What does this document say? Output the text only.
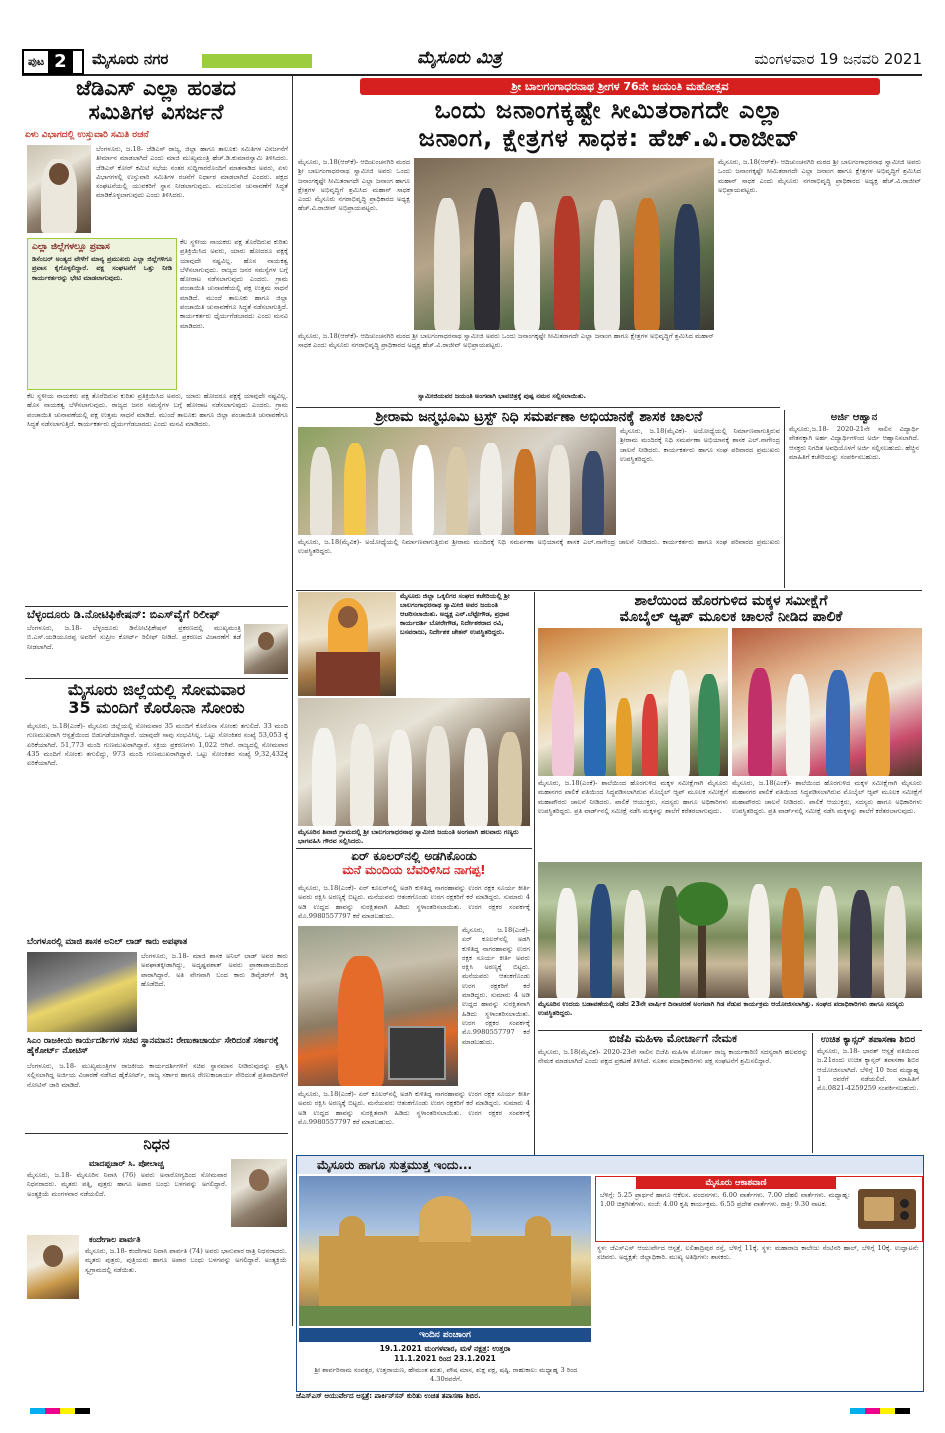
ಪುಟ 2	ಮೈಸೂರು ನಗರ	ಮೈಸೂರು ಮಿತ್ರ	ಮಂಗಳವಾರ 19 ಜನವರಿ 2021
ಜೆಡಿಎಸ್ ಎಲ್ಲಾ ಹಂತದ
ಸಮಿತಿಗಳ ವಿಸರ್ಜನೆ
ಏಳು ವಿಭಾಗದಲ್ಲಿ ಉಸ್ತುವಾರಿ ಸಮಿತಿ ರಚನೆ
ಬೆಂಗಳೂರು, ಜ.18- ಜೆಡಿಎಸ್ ರಾಜ್ಯ, ಜಿಲ್ಲಾ ಹಾಗೂ ತಾಲೂಕು ಸಮಿತಿಗಳ ವಿಸರ್ಜನೆಗೆ ತೀರ್ಮಾನ ಮಾಡಲಾಗಿದೆ ಎಂದು ಮಾಜಿ ಮುಖ್ಯಮಂತ್ರಿ ಹೆಚ್.ಡಿ.ಕುಮಾರಸ್ವಾಮಿ ತಿಳಿಸಿದರು. ಜೆಡಿಎಸ್ ಕೋರ್ ಕಮಿಟಿ ಸಭೆಯ ನಂತರ ಸುದ್ದಿಗಾರರೊಂದಿಗೆ ಮಾತನಾಡಿದ ಅವರು, ಏಳು ವಿಭಾಗಗಳಲ್ಲಿ ಉಸ್ತುವಾರಿ ಸಮಿತಿಗಳ ರಚನೆಗೆ ನಿರ್ಧಾರ ಮಾಡಲಾಗಿದೆ ಎಂದರು. ಪಕ್ಷದ ಸಂಘಟನೆಯಲ್ಲಿ ಯುವಕರಿಗೆ ಸ್ಥಾನ ನೀಡಲಾಗುವುದು. ಮುಂಬರುವ ಚುನಾವಣೆಗೆ ಸಿದ್ಧತೆ ಮಾಡಿಕೊಳ್ಳಲಾಗುವುದು ಎಂದು ತಿಳಿಸಿದರು.
ಎಲ್ಲಾ ಜಿಲ್ಲೆಗಳಲ್ಲೂ ಪ್ರವಾಸ
ಡಿಸೆಂಬರ್ ಅಂತ್ಯದ ವೇಳೆಗೆ ಮಾನ್ಯ ಪ್ರಮುಖರು ಎಲ್ಲಾ ಜಿಲ್ಲೆಗಳಿಗೂ ಪ್ರವಾಸ ಕೈಗೊಳ್ಳಲಿದ್ದಾರೆ. ಪಕ್ಷ ಸಂಘಟನೆಗೆ ಒತ್ತು ನೀಡಿ ಕಾರ್ಯಕರ್ತರನ್ನು ಭೇಟಿ ಮಾಡಲಾಗುವುದು.
ಕೆಲ ಸ್ಥಳೀಯ ನಾಯಕರು ಪಕ್ಷ ತೊರೆದಿರುವ ಕುರಿತು ಪ್ರತಿಕ್ರಿಯಿಸಿದ ಅವರು, ಯಾರು ಹೋದರೂ ಪಕ್ಷಕ್ಕೆ ಯಾವುದೇ ನಷ್ಟವಿಲ್ಲ. ಹೊಸ ನಾಯಕತ್ವ ಬೆಳೆಸಲಾಗುವುದು. ರಾಜ್ಯದ ಜನರ ಸಮಸ್ಯೆಗಳ ಬಗ್ಗೆ ಹೋರಾಟ ನಡೆಸಲಾಗುವುದು ಎಂದರು. ಗ್ರಾಮ ಪಂಚಾಯಿತಿ ಚುನಾವಣೆಯಲ್ಲಿ ಪಕ್ಷ ಉತ್ತಮ ಸಾಧನೆ ಮಾಡಿದೆ. ಮುಂದೆ ತಾಲೂಕು ಹಾಗೂ ಜಿಲ್ಲಾ ಪಂಚಾಯಿತಿ ಚುನಾವಣೆಗೂ ಸಿದ್ಧತೆ ನಡೆಸಲಾಗುತ್ತಿದೆ. ಕಾರ್ಯಕರ್ತರು ಧೈರ್ಯಗೆಡಬಾರದು ಎಂದು ಮನವಿ ಮಾಡಿದರು.
ಕೆಲ ಸ್ಥಳೀಯ ನಾಯಕರು ಪಕ್ಷ ತೊರೆದಿರುವ ಕುರಿತು ಪ್ರತಿಕ್ರಿಯಿಸಿದ ಅವರು, ಯಾರು ಹೋದರೂ ಪಕ್ಷಕ್ಕೆ ಯಾವುದೇ ನಷ್ಟವಿಲ್ಲ. ಹೊಸ ನಾಯಕತ್ವ ಬೆಳೆಸಲಾಗುವುದು. ರಾಜ್ಯದ ಜನರ ಸಮಸ್ಯೆಗಳ ಬಗ್ಗೆ ಹೋರಾಟ ನಡೆಸಲಾಗುವುದು ಎಂದರು. ಗ್ರಾಮ ಪಂಚಾಯಿತಿ ಚುನಾವಣೆಯಲ್ಲಿ ಪಕ್ಷ ಉತ್ತಮ ಸಾಧನೆ ಮಾಡಿದೆ. ಮುಂದೆ ತಾಲೂಕು ಹಾಗೂ ಜಿಲ್ಲಾ ಪಂಚಾಯಿತಿ ಚುನಾವಣೆಗೂ ಸಿದ್ಧತೆ ನಡೆಸಲಾಗುತ್ತಿದೆ. ಕಾರ್ಯಕರ್ತರು ಧೈರ್ಯಗೆಡಬಾರದು ಎಂದು ಮನವಿ ಮಾಡಿದರು.
ಬೆಳ್ಳಂದೂರು ಡಿ.ನೋಟಿಫಿಕೇಷನ್: ಬಿಎಸ್‌ವೈಗೆ ರಿಲೀಫ್
ಬೆಂಗಳೂರು, ಜ.18- ಬೆಳ್ಳಂದೂರು ಡಿನೋಟಿಫಿಕೇಷನ್ ಪ್ರಕರಣದಲ್ಲಿ ಮುಖ್ಯಮಂತ್ರಿ ಬಿ.ಎಸ್.ಯಡಿಯೂರಪ್ಪ ಅವರಿಗೆ ಸುಪ್ರೀಂ ಕೋರ್ಟ್ ರಿಲೀಫ್ ನೀಡಿದೆ. ಪ್ರಕರಣದ ವಿಚಾರಣೆಗೆ ತಡೆ ನೀಡಲಾಗಿದೆ.
ಮೈಸೂರು ಜಿಲ್ಲೆಯಲ್ಲಿ ಸೋಮವಾರ
35 ಮಂದಿಗೆ ಕೊರೊನಾ ಸೋಂಕು
ಮೈಸೂರು, ಜ.18(ಎಂಕೆ)- ಮೈಸೂರು ಜಿಲ್ಲೆಯಲ್ಲಿ ಸೋಮವಾರ 35 ಮಂದಿಗೆ ಕೊರೊನಾ ಸೋಂಕು ತಗುಲಿದೆ. 33 ಮಂದಿ ಗುಣಮುಖರಾಗಿ ಆಸ್ಪತ್ರೆಯಿಂದ ಬಿಡುಗಡೆಯಾಗಿದ್ದಾರೆ. ಯಾವುದೇ ಸಾವು ಸಂಭವಿಸಿಲ್ಲ. ಒಟ್ಟು ಸೋಂಕಿತರ ಸಂಖ್ಯೆ 53,053 ಕ್ಕೆ ಏರಿಕೆಯಾಗಿದೆ. 51,773 ಮಂದಿ ಗುಣಮುಖರಾಗಿದ್ದಾರೆ. ಸಕ್ರಿಯ ಪ್ರಕರಣಗಳು 1,022 ಆಗಿವೆ. ರಾಜ್ಯದಲ್ಲಿ ಸೋಮವಾರ 435 ಮಂದಿಗೆ ಸೋಂಕು ತಗುಲಿದ್ದು, 973 ಮಂದಿ ಗುಣಮುಖರಾಗಿದ್ದಾರೆ. ಒಟ್ಟು ಸೋಂಕಿತರ ಸಂಖ್ಯೆ 9,32,432ಕ್ಕೆ ಏರಿಕೆಯಾಗಿದೆ.
ಬೆಂಗಳೂರಲ್ಲಿ ಮಾಜಿ ಶಾಸಕ ಅನಿಲ್ ಲಾಡ್ ಕಾರು ಅಪಘಾತ
ಬೆಂಗಳೂರು, ಜ.18- ಮಾಜಿ ಶಾಸಕ ಅನಿಲ್ ಲಾಡ್ ಅವರ ಕಾರು ಅಪಘಾತಕ್ಕೀಡಾಗಿದ್ದು, ಅದೃಷ್ಟವಶಾತ್ ಅವರು ಪ್ರಾಣಾಪಾಯದಿಂದ ಪಾರಾಗಿದ್ದಾರೆ. ಅತಿ ವೇಗವಾಗಿ ಬಂದ ಕಾರು ಡಿವೈಡರ್‌ಗೆ ಡಿಕ್ಕಿ ಹೊಡೆದಿದೆ.
ಸಿಎಂ ರಾಜಕೀಯ ಕಾರ್ಯದರ್ಶಿಗಳ ಸಚಿವ ಸ್ಥಾನಮಾನ: ರೇಣುಕಾಚಾರ್ಯ ಸೇರಿದಂತೆ ಸರ್ಕಾರಕ್ಕೆ ಹೈಕೋರ್ಟ್ ನೋಟಿಸ್
ಬೆಂಗಳೂರು, ಜ.18- ಮುಖ್ಯಮಂತ್ರಿಗಳ ರಾಜಕೀಯ ಕಾರ್ಯದರ್ಶಿಗಳಿಗೆ ಸಚಿವ ಸ್ಥಾನಮಾನ ನೀಡಿರುವುದನ್ನು ಪ್ರಶ್ನಿಸಿ ಸಲ್ಲಿಸಲಾಗಿದ್ದ ಅರ್ಜಿಯ ವಿಚಾರಣೆ ನಡೆಸಿದ ಹೈಕೋರ್ಟ್, ರಾಜ್ಯ ಸರ್ಕಾರ ಹಾಗೂ ರೇಣುಕಾಚಾರ್ಯ ಸೇರಿದಂತೆ ಪ್ರತಿವಾದಿಗಳಿಗೆ ನೋಟಿಸ್ ಜಾರಿ ಮಾಡಿದೆ.
ನಿಧನ
ಮಾದಪ್ಪಚಾರ್ ಸಿ. ಪೋಲಾಚ್ಚ
ಮೈಸೂರು, ಜ.18- ಮೈಸೂರಿನ ನಿವಾಸಿ (76) ಅವರು ಅನಾರೋಗ್ಯದಿಂದ ಸೋಮವಾರ ನಿಧನರಾದರು. ಮೃತರು ಪತ್ನಿ, ಪುತ್ರರು ಹಾಗೂ ಅಪಾರ ಬಂಧು ಬಳಗವನ್ನು ಅಗಲಿದ್ದಾರೆ. ಅಂತ್ಯಕ್ರಿಯೆ ಮಂಗಳವಾರ ನಡೆಯಲಿದೆ.
ಕಂದೇಗಾಲ ಪಾರ್ವತಿ
ಮೈಸೂರು, ಜ.18- ಕಂದೇಗಾಲ ನಿವಾಸಿ ಪಾರ್ವತಿ (74) ಅವರು ಭಾನುವಾರ ರಾತ್ರಿ ನಿಧನರಾದರು. ಮೃತರು ಪುತ್ರರು, ಪುತ್ರಿಯರು ಹಾಗೂ ಅಪಾರ ಬಂಧು ಬಳಗವನ್ನು ಅಗಲಿದ್ದಾರೆ. ಅಂತ್ಯಕ್ರಿಯೆ ಸ್ವಗ್ರಾಮದಲ್ಲಿ ನಡೆಯಿತು.
ಶ್ರೀ ಬಾಲಗಂಗಾಧರನಾಥ ಶ್ರೀಗಳ 76ನೇ ಜಯಂತಿ ಮಹೋತ್ಸವ
ಒಂದು ಜನಾಂಗಕ್ಕಷ್ಟೇ ಸೀಮಿತರಾಗದೇ ಎಲ್ಲಾ
ಜನಾಂಗ, ಕ್ಷೇತ್ರಗಳ ಸಾಧಕ: ಹೆಚ್.ವಿ.ರಾಜೀವ್
ಮೈಸೂರು, ಜ.18(ಆರ್‌ಕೆ)- ಆದಿಚುಂಚನಗಿರಿ ಮಠದ ಶ್ರೀ ಬಾಲಗಂಗಾಧರನಾಥ ಸ್ವಾಮೀಜಿ ಅವರು ಒಂದು ಜನಾಂಗಕ್ಕಷ್ಟೇ ಸೀಮಿತರಾಗದೇ ಎಲ್ಲಾ ಜನಾಂಗ ಹಾಗೂ ಕ್ಷೇತ್ರಗಳ ಅಭಿವೃದ್ಧಿಗೆ ಶ್ರಮಿಸಿದ ಮಹಾನ್ ಸಾಧಕ ಎಂದು ಮೈಸೂರು ನಗರಾಭಿವೃದ್ಧಿ ಪ್ರಾಧಿಕಾರದ ಅಧ್ಯಕ್ಷ ಹೆಚ್.ವಿ.ರಾಜೀವ್ ಅಭಿಪ್ರಾಯಪಟ್ಟರು.
ಮೈಸೂರು, ಜ.18(ಆರ್‌ಕೆ)- ಆದಿಚುಂಚನಗಿರಿ ಮಠದ ಶ್ರೀ ಬಾಲಗಂಗಾಧರನಾಥ ಸ್ವಾಮೀಜಿ ಅವರು ಒಂದು ಜನಾಂಗಕ್ಕಷ್ಟೇ ಸೀಮಿತರಾಗದೇ ಎಲ್ಲಾ ಜನಾಂಗ ಹಾಗೂ ಕ್ಷೇತ್ರಗಳ ಅಭಿವೃದ್ಧಿಗೆ ಶ್ರಮಿಸಿದ ಮಹಾನ್ ಸಾಧಕ ಎಂದು ಮೈಸೂರು ನಗರಾಭಿವೃದ್ಧಿ ಪ್ರಾಧಿಕಾರದ ಅಧ್ಯಕ್ಷ ಹೆಚ್.ವಿ.ರಾಜೀವ್ ಅಭಿಪ್ರಾಯಪಟ್ಟರು.
ಮೈಸೂರು, ಜ.18(ಆರ್‌ಕೆ)- ಆದಿಚುಂಚನಗಿರಿ ಮಠದ ಶ್ರೀ ಬಾಲಗಂಗಾಧರನಾಥ ಸ್ವಾಮೀಜಿ ಅವರು ಒಂದು ಜನಾಂಗಕ್ಕಷ್ಟೇ ಸೀಮಿತರಾಗದೇ ಎಲ್ಲಾ ಜನಾಂಗ ಹಾಗೂ ಕ್ಷೇತ್ರಗಳ ಅಭಿವೃದ್ಧಿಗೆ ಶ್ರಮಿಸಿದ ಮಹಾನ್ ಸಾಧಕ ಎಂದು ಮೈಸೂರು ನಗರಾಭಿವೃದ್ಧಿ ಪ್ರಾಧಿಕಾರದ ಅಧ್ಯಕ್ಷ ಹೆಚ್.ವಿ.ರಾಜೀವ್ ಅಭಿಪ್ರಾಯಪಟ್ಟರು.
ಸ್ವಾಮೀಜಿಯವರ ಜಯಂತಿ ಅಂಗವಾಗಿ ಭಾವಚಿತ್ರಕ್ಕೆ ಪುಷ್ಪ ನಮನ ಸಲ್ಲಿಸಲಾಯಿತು.
ಶ್ರೀರಾಮ ಜನ್ಮಭೂಮಿ ಟ್ರಸ್ಟ್ ನಿಧಿ ಸಮರ್ಪಣಾ ಅಭಿಯಾನಕ್ಕೆ ಶಾಸಕ ಚಾಲನೆ
ಮೈಸೂರು, ಜ.18(ಮೈವಿಕ)- ಅಯೋಧ್ಯೆಯಲ್ಲಿ ನಿರ್ಮಾಣವಾಗುತ್ತಿರುವ ಶ್ರೀರಾಮ ಮಂದಿರಕ್ಕೆ ನಿಧಿ ಸಮರ್ಪಣಾ ಅಭಿಯಾನಕ್ಕೆ ಶಾಸಕ ಎಲ್.ನಾಗೇಂದ್ರ ಚಾಲನೆ ನೀಡಿದರು. ಕಾರ್ಯಕರ್ತರು ಹಾಗೂ ಸಂಘ ಪರಿವಾರದ ಪ್ರಮುಖರು ಉಪಸ್ಥಿತರಿದ್ದರು.
ಮೈಸೂರು, ಜ.18(ಮೈವಿಕ)- ಅಯೋಧ್ಯೆಯಲ್ಲಿ ನಿರ್ಮಾಣವಾಗುತ್ತಿರುವ ಶ್ರೀರಾಮ ಮಂದಿರಕ್ಕೆ ನಿಧಿ ಸಮರ್ಪಣಾ ಅಭಿಯಾನಕ್ಕೆ ಶಾಸಕ ಎಲ್.ನಾಗೇಂದ್ರ ಚಾಲನೆ ನೀಡಿದರು. ಕಾರ್ಯಕರ್ತರು ಹಾಗೂ ಸಂಘ ಪರಿವಾರದ ಪ್ರಮುಖರು ಉಪಸ್ಥಿತರಿದ್ದರು.
ಅರ್ಜಿ ಆಹ್ವಾನ
ಮೈಸೂರು,ಜ.18- 2020-21ನೇ ಸಾಲಿನ ವಿದ್ಯಾರ್ಥಿ ವೇತನಕ್ಕಾಗಿ ಅರ್ಹ ವಿದ್ಯಾರ್ಥಿಗಳಿಂದ ಅರ್ಜಿ ಆಹ್ವಾನಿಸಲಾಗಿದೆ. ಆಸಕ್ತರು ನಿಗದಿತ ಅವಧಿಯೊಳಗೆ ಅರ್ಜಿ ಸಲ್ಲಿಸಬಹುದು. ಹೆಚ್ಚಿನ ಮಾಹಿತಿಗೆ ಕಚೇರಿಯನ್ನು ಸಂಪರ್ಕಿಸಬಹುದು.
ಮೈಸೂರು ಜಿಲ್ಲಾ ಒಕ್ಕಲಿಗರ ಸಂಘದ ಕಚೇರಿಯಲ್ಲಿ ಶ್ರೀ ಬಾಲಗಂಗಾಧರನಾಥ ಸ್ವಾಮೀಜಿ ಅವರ ಜಯಂತಿ ಆಚರಿಸಲಾಯಿತು. ಅಧ್ಯಕ್ಷ ಎನ್.ಬೆಟ್ಟೇಗೌಡ, ಪ್ರಧಾನ ಕಾರ್ಯದರ್ಶಿ ಬೋರೇಗೌಡ, ನಿರ್ದೇಶಕರಾದ ರವಿ, ಬಸವರಾಜು, ನಿರ್ದೇಶಕ ಚೇತನ್ ಉಪಸ್ಥಿತರಿದ್ದರು.
ಮೈಸೂರಿನ ಶಿವಾಜಿ ಗ್ರಾಮದಲ್ಲಿ ಶ್ರೀ ಬಾಲಗಂಗಾಧರನಾಥ ಸ್ವಾಮೀಜಿ ಜಯಂತಿ ಅಂಗವಾಗಿ ಹಲವಾರು ಗಣ್ಯರು ಭಾಗವಹಿಸಿ ಗೌರವ ಸಲ್ಲಿಸಿದರು.
ಏರ್ ಕೂಲರ್‌ನಲ್ಲಿ ಅಡಗಿಕೊಂಡು
ಮನೆ ಮಂದಿಯ ಬೆವರಿಳಿಸಿದ ನಾಗಪ್ಪ!
ಮೈಸೂರು, ಜ.18(ಎಂಕೆ)- ಏರ್ ಕೂಲರ್‌ನಲ್ಲಿ ಅಡಗಿ ಕುಳಿತಿದ್ದ ನಾಗರಹಾವನ್ನು ಉರಗ ರಕ್ಷಕ ಸೂರ್ಯ ಕೀರ್ತಿ ಅವರು ರಕ್ಷಿಸಿ ಅರಣ್ಯಕ್ಕೆ ಬಿಟ್ಟರು. ಮನೆಯವರು ಆತಂಕಗೊಂಡು ಉರಗ ರಕ್ಷಕರಿಗೆ ಕರೆ ಮಾಡಿದ್ದರು. ಸುಮಾರು 4 ಅಡಿ ಉದ್ದದ ಹಾವನ್ನು ಸುರಕ್ಷಿತವಾಗಿ ಹಿಡಿದು ಸ್ಥಳಾಂತರಿಸಲಾಯಿತು. ಉರಗ ರಕ್ಷಕರ ಸಂಪರ್ಕಕ್ಕೆ ಮೊ.9980557797 ಕರೆ ಮಾಡಬಹುದು.
ಮೈಸೂರು, ಜ.18(ಎಂಕೆ)- ಏರ್ ಕೂಲರ್‌ನಲ್ಲಿ ಅಡಗಿ ಕುಳಿತಿದ್ದ ನಾಗರಹಾವನ್ನು ಉರಗ ರಕ್ಷಕ ಸೂರ್ಯ ಕೀರ್ತಿ ಅವರು ರಕ್ಷಿಸಿ ಅರಣ್ಯಕ್ಕೆ ಬಿಟ್ಟರು. ಮನೆಯವರು ಆತಂಕಗೊಂಡು ಉರಗ ರಕ್ಷಕರಿಗೆ ಕರೆ ಮಾಡಿದ್ದರು. ಸುಮಾರು 4 ಅಡಿ ಉದ್ದದ ಹಾವನ್ನು ಸುರಕ್ಷಿತವಾಗಿ ಹಿಡಿದು ಸ್ಥಳಾಂತರಿಸಲಾಯಿತು. ಉರಗ ರಕ್ಷಕರ ಸಂಪರ್ಕಕ್ಕೆ ಮೊ.9980557797 ಕರೆ ಮಾಡಬಹುದು.
ಮೈಸೂರು, ಜ.18(ಎಂಕೆ)- ಏರ್ ಕೂಲರ್‌ನಲ್ಲಿ ಅಡಗಿ ಕುಳಿತಿದ್ದ ನಾಗರಹಾವನ್ನು ಉರಗ ರಕ್ಷಕ ಸೂರ್ಯ ಕೀರ್ತಿ ಅವರು ರಕ್ಷಿಸಿ ಅರಣ್ಯಕ್ಕೆ ಬಿಟ್ಟರು. ಮನೆಯವರು ಆತಂಕಗೊಂಡು ಉರಗ ರಕ್ಷಕರಿಗೆ ಕರೆ ಮಾಡಿದ್ದರು. ಸುಮಾರು 4 ಅಡಿ ಉದ್ದದ ಹಾವನ್ನು ಸುರಕ್ಷಿತವಾಗಿ ಹಿಡಿದು ಸ್ಥಳಾಂತರಿಸಲಾಯಿತು. ಉರಗ ರಕ್ಷಕರ ಸಂಪರ್ಕಕ್ಕೆ ಮೊ.9980557797 ಕರೆ ಮಾಡಬಹುದು.
ಶಾಲೆಯಿಂದ ಹೊರಗುಳಿದ ಮಕ್ಕಳ ಸಮೀಕ್ಷೆಗೆ
ಮೊಬೈಲ್ ಆ್ಯಪ್ ಮೂಲಕ ಚಾಲನೆ ನೀಡಿದ ಪಾಲಿಕೆ
ಮೈಸೂರು, ಜ.18(ಎಂಕೆ)- ಶಾಲೆಯಿಂದ ಹೊರಗುಳಿದ ಮಕ್ಕಳ ಸಮೀಕ್ಷೆಗಾಗಿ ಮೈಸೂರು ಮಹಾನಗರ ಪಾಲಿಕೆ ವತಿಯಿಂದ ಸಿದ್ಧಪಡಿಸಲಾಗಿರುವ ಮೊಬೈಲ್ ಆ್ಯಪ್ ಮೂಲಕ ಸಮೀಕ್ಷೆಗೆ ಮಹಾಪೌರರು ಚಾಲನೆ ನೀಡಿದರು. ಪಾಲಿಕೆ ಆಯುಕ್ತರು, ಸದಸ್ಯರು ಹಾಗೂ ಅಧಿಕಾರಿಗಳು ಉಪಸ್ಥಿತರಿದ್ದರು. ಪ್ರತಿ ವಾರ್ಡ್‌ನಲ್ಲಿ ಸಮೀಕ್ಷೆ ನಡೆಸಿ ಮಕ್ಕಳನ್ನು ಶಾಲೆಗೆ ಕರೆತರಲಾಗುವುದು.
ಮೈಸೂರು, ಜ.18(ಎಂಕೆ)- ಶಾಲೆಯಿಂದ ಹೊರಗುಳಿದ ಮಕ್ಕಳ ಸಮೀಕ್ಷೆಗಾಗಿ ಮೈಸೂರು ಮಹಾನಗರ ಪಾಲಿಕೆ ವತಿಯಿಂದ ಸಿದ್ಧಪಡಿಸಲಾಗಿರುವ ಮೊಬೈಲ್ ಆ್ಯಪ್ ಮೂಲಕ ಸಮೀಕ್ಷೆಗೆ ಮಹಾಪೌರರು ಚಾಲನೆ ನೀಡಿದರು. ಪಾಲಿಕೆ ಆಯುಕ್ತರು, ಸದಸ್ಯರು ಹಾಗೂ ಅಧಿಕಾರಿಗಳು ಉಪಸ್ಥಿತರಿದ್ದರು. ಪ್ರತಿ ವಾರ್ಡ್‌ನಲ್ಲಿ ಸಮೀಕ್ಷೆ ನಡೆಸಿ ಮಕ್ಕಳನ್ನು ಶಾಲೆಗೆ ಕರೆತರಲಾಗುವುದು.
ಮೈಸೂರಿನ ಉದಯ ಬಡಾವಣೆಯಲ್ಲಿ ನಡೆದ 23ನೇ ವಾರ್ಷಿಕ ದಿನಾಚರಣೆ ಅಂಗವಾಗಿ ಗಿಡ ನೆಡುವ ಕಾರ್ಯಕ್ರಮ ಆಯೋಜಿಸಲಾಗಿತ್ತು. ಸಂಘದ ಪದಾಧಿಕಾರಿಗಳು ಹಾಗೂ ಸದಸ್ಯರು ಉಪಸ್ಥಿತರಿದ್ದರು.
ಬಿಜೆಪಿ ಮಹಿಳಾ ಮೋರ್ಚಾಗೆ ನೇಮಕ
ಮೈಸೂರು, ಜ.18(ಮೈವಿಕ)- 2020-23ನೇ ಸಾಲಿನ ಬಿಜೆಪಿ ಮಹಿಳಾ ಮೋರ್ಚಾ ರಾಜ್ಯ ಕಾರ್ಯಕಾರಿಣಿ ಸದಸ್ಯರಾಗಿ ಹಲವರನ್ನು ನೇಮಕ ಮಾಡಲಾಗಿದೆ ಎಂದು ಪಕ್ಷದ ಪ್ರಕಟಣೆ ತಿಳಿಸಿದೆ. ನೂತನ ಪದಾಧಿಕಾರಿಗಳು ಪಕ್ಷ ಸಂಘಟನೆಗೆ ಶ್ರಮಿಸಲಿದ್ದಾರೆ.
ಉಚಿತ ಕ್ಯಾನ್ಸರ್ ತಪಾಸಣಾ ಶಿಬಿರ
ಮೈಸೂರು, ಜ.18- ಭಾರತ್ ಆಸ್ಪತ್ರೆ ವತಿಯಿಂದ ಜ.21ರಂದು ಉಚಿತ ಕ್ಯಾನ್ಸರ್ ತಪಾಸಣಾ ಶಿಬಿರ ಆಯೋಜಿಸಲಾಗಿದೆ. ಬೆಳಿಗ್ಗೆ 10 ರಿಂದ ಮಧ್ಯಾಹ್ನ 1 ರವರೆಗೆ ನಡೆಯಲಿದೆ. ಮಾಹಿತಿಗೆ ಮೊ.0821-4259259 ಸಂಪರ್ಕಿಸಬಹುದು.
ಮೈಸೂರು ಹಾಗೂ ಸುತ್ತಮುತ್ತ ಇಂದು...
ಇಂದಿನ ಪಂಚಾಂಗ
19.1.2021 ಮಂಗಳವಾರ, ಮಳೆ ನಕ್ಷತ್ರ: ಉತ್ತರಾ
11.1.2021 ರಿಂದ 23.1.2021
ಶ್ರೀ ಶಾರ್ವರಿನಾಮ ಸಂವತ್ಸರ, ಉತ್ತರಾಯಣ, ಹೇಮಂತ ಋತು, ಪೌಷ ಮಾಸ, ಶುಕ್ಲ ಪಕ್ಷ, ಷಷ್ಠಿ. ರಾಹುಕಾಲ: ಮಧ್ಯಾಹ್ನ 3 ರಿಂದ 4.30ರವರೆಗೆ.
ಮೈಸೂರು ಆಕಾಶವಾಣಿ
ಬೆಳಿಗ್ಗೆ: 5.25 ಪ್ರಾರ್ಥನೆ ಹಾಗೂ ಆಕೆಲಸ. ವಂದನಗಳು. 6.00 ವಾರ್ತೆಗಳು. 7.00 ದೆಹಲಿ ವಾರ್ತೆಗಳು. ಮಧ್ಯಾಹ್ನ: 1.00 ಚಿತ್ರಗೀತೆಗಳು. ಸಂಜೆ: 4.00 ಕೃಷಿ ಕಾರ್ಯಕ್ರಮ. 6.55 ಪ್ರದೇಶ ವಾರ್ತೆಗಳು. ರಾತ್ರಿ: 9.30 ನಾಟಕ.
ಸ್ಥಳ: ಜೆಎಸ್‌ಎಸ್ ಆಯುರ್ವೇದ ಆಸ್ಪತ್ರೆ, ಲಲಿತಾದ್ರಿಪುರ ರಸ್ತೆ, ಬೆಳಿಗ್ಗೆ 11ಕ್ಕೆ. ಸ್ಥಳ: ಮಹಾರಾಜ ಕಾಲೇಜು ಸೆಂಟಿನರಿ ಹಾಲ್, ಬೆಳಿಗ್ಗೆ 10ಕ್ಕೆ. ಉದ್ಘಾಟನೆ: ಸಚಿವರು. ಅಧ್ಯಕ್ಷತೆ: ಜಿಲ್ಲಾಧಿಕಾರಿ. ಮುಖ್ಯ ಅತಿಥಿಗಳು: ಶಾಸಕರು.
ಜೆಎಸ್‌ಎಸ್ ಆಯುರ್ವೇದ ಆಸ್ಪತ್ರೆ: ಪಾರ್ಕಿನ್‌ಸನ್ ಕುರಿತು ಉಚಿತ ತಪಾಸಣಾ ಶಿಬಿರ.
